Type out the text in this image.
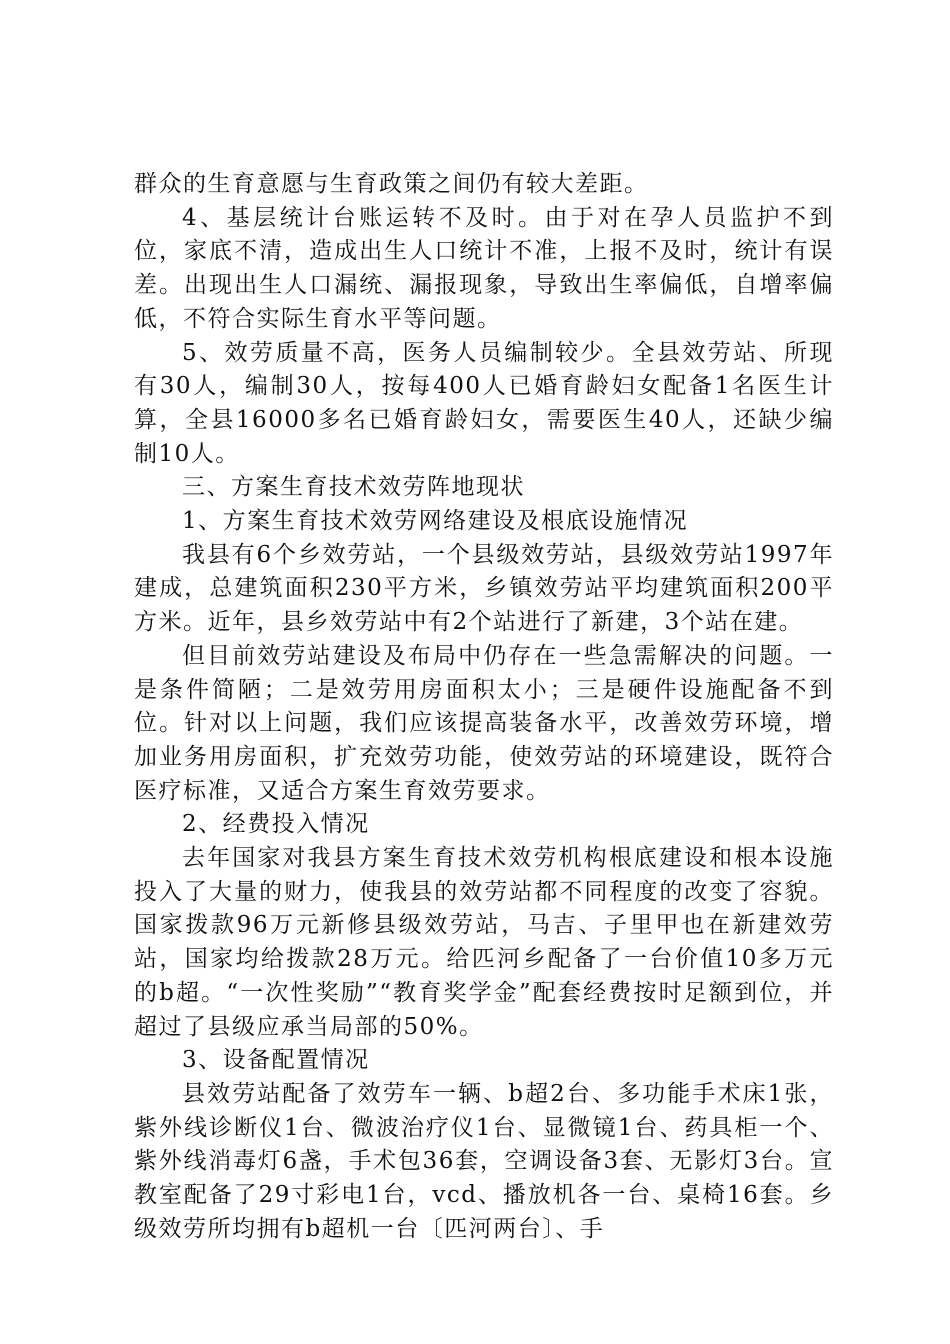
群众的生育意愿与生育政策之间仍有较大差距。

4、基层统计台账运转不及时。由于对在孕人员监护不到位，家底不清，造成出生人口统计不准，上报不及时，统计有误差。出现出生人口漏统、漏报现象，导致出生率偏低，自增率偏低，不符合实际生育水平等问题。

5、效劳质量不高，医务人员编制较少。全县效劳站、所现有30人，编制30人，按每400人已婚育龄妇女配备1名医生计算，全县16000多名已婚育龄妇女，需要医生40人，还缺少编制10人。

三、方案生育技术效劳阵地现状

1、方案生育技术效劳网络建设及根底设施情况

我县有6个乡效劳站，一个县级效劳站，县级效劳站1997年建成，总建筑面积230平方米，乡镇效劳站平均建筑面积200平方米。近年，县乡效劳站中有2个站进行了新建，3个站在建。

但目前效劳站建设及布局中仍存在一些急需解决的问题。一是条件简陋；二是效劳用房面积太小；三是硬件设施配备不到位。针对以上问题，我们应该提高装备水平，改善效劳环境，增加业务用房面积，扩充效劳功能，使效劳站的环境建设，既符合医疗标准，又适合方案生育效劳要求。

2、经费投入情况

去年国家对我县方案生育技术效劳机构根底建设和根本设施投入了大量的财力，使我县的效劳站都不同程度的改变了容貌。国家拨款96万元新修县级效劳站，马吉、子里甲也在新建效劳站，国家均给拨款28万元。给匹河乡配备了一台价值10多万元的b超。“一次性奖励”“教育奖学金”配套经费按时足额到位，并超过了县级应承当局部的50%。

3、设备配置情况

县效劳站配备了效劳车一辆、b超2台、多功能手术床1张，紫外线诊断仪1台、微波治疗仪1台、显微镜1台、药具柜一个、紫外线消毒灯6盏，手术包36套，空调设备3套、无影灯3台。宣教室配备了29寸彩电1台，vcd、播放机各一台、桌椅16套。乡级效劳所均拥有b超机一台〔匹河两台〕、手
